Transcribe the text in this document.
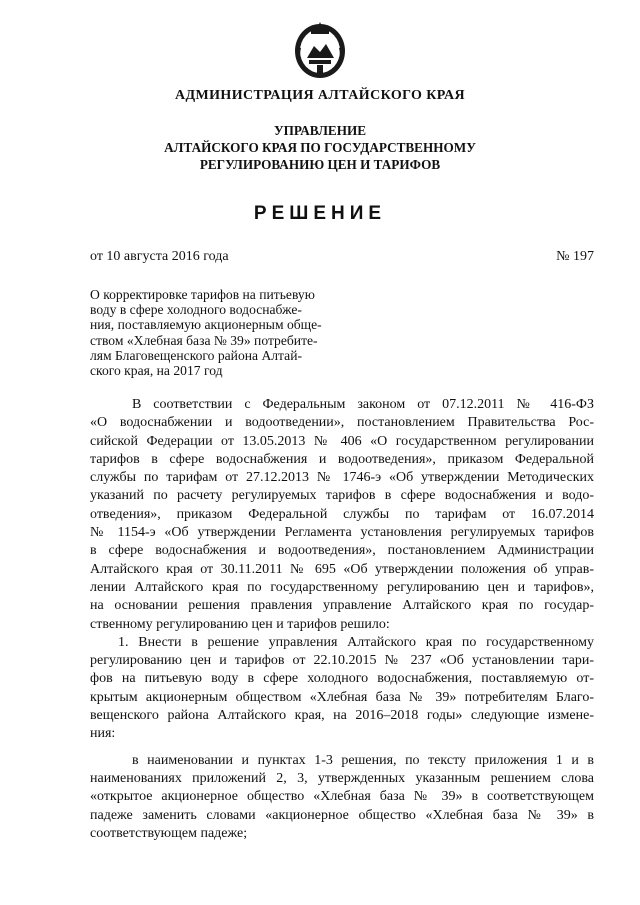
АДМИНИСТРАЦИЯ АЛТАЙСКОГО КРАЯ
УПРАВЛЕНИЕ
АЛТАЙСКОГО КРАЯ ПО ГОСУДАРСТВЕННОМУ
РЕГУЛИРОВАНИЮ ЦЕН И ТАРИФОВ
РЕШЕНИЕ
от 10 августа 2016 года	№ 197
О корректировке тарифов на питьевую
воду в сфере холодного водоснабже-
ния, поставляемую акционерным обще-
ством «Хлебная база № 39» потребите-
лям Благовещенского района Алтай-
ского края, на 2017 год
В соответствии с Федеральным законом от 07.12.2011 № 416-ФЗ
«О водоснабжении и водоотведении», постановлением Правительства Рос-
сийской Федерации от 13.05.2013 № 406 «О государственном регулировании
тарифов в сфере водоснабжения и водоотведения», приказом Федеральной
службы по тарифам от 27.12.2013 № 1746-э «Об утверждении Методических
указаний по расчету регулируемых тарифов в сфере водоснабжения и водо-
отведения», приказом Федеральной службы по тарифам от 16.07.2014
№ 1154-э «Об утверждении Регламента установления регулируемых тарифов
в сфере водоснабжения и водоотведения», постановлением Администрации
Алтайского края от 30.11.2011 № 695 «Об утверждении положения об управ-
лении Алтайского края по государственному регулированию цен и тарифов»,
на основании решения правления управление Алтайского края по государ-
ственному регулированию цен и тарифов решило:
1. Внести в решение управления Алтайского края по государственному
регулированию цен и тарифов от 22.10.2015 № 237 «Об установлении тари-
фов на питьевую воду в сфере холодного водоснабжения, поставляемую от-
крытым акционерным обществом «Хлебная база № 39» потребителям Благо-
вещенского района Алтайского края, на 2016–2018 годы» следующие измене-
ния:
в наименовании и пунктах 1-3 решения, по тексту приложения 1 и в
наименованиях приложений 2, 3, утвержденных указанным решением слова
«открытое акционерное общество «Хлебная база № 39» в соответствующем
падеже заменить словами «акционерное общество «Хлебная база № 39» в
соответствующем падеже;
